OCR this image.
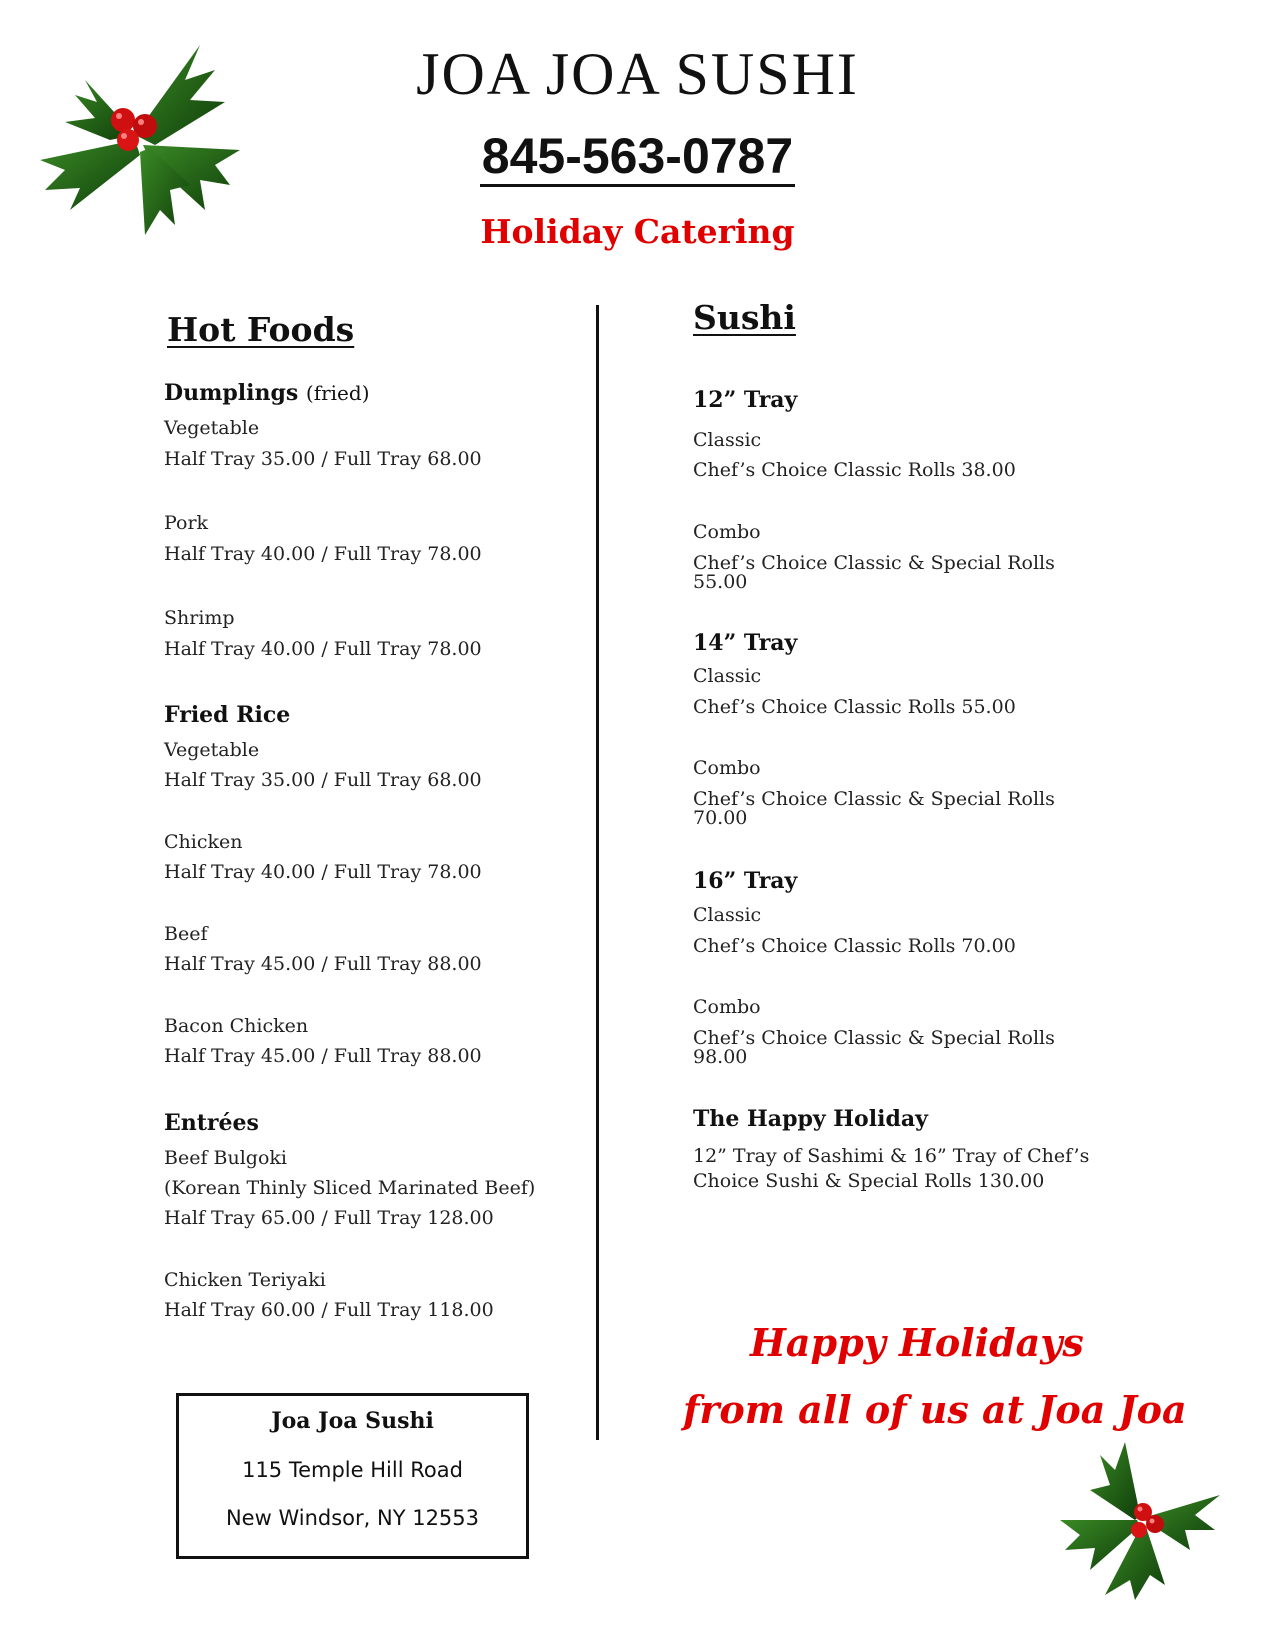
JOA JOA SUSHI
845-563-0787
Holiday Catering
Hot Foods
Dumplings (fried)
Vegetable
Half Tray 35.00 / Full Tray 68.00
Pork
Half Tray 40.00 / Full Tray 78.00
Shrimp
Half Tray 40.00 / Full Tray 78.00
Fried Rice
Vegetable
Half Tray 35.00 / Full Tray 68.00
Chicken
Half Tray 40.00 / Full Tray 78.00
Beef
Half Tray 45.00 / Full Tray 88.00
Bacon Chicken
Half Tray 45.00 / Full Tray 88.00
Entrées
Beef Bulgoki
(Korean Thinly Sliced Marinated Beef)
Half Tray 65.00 / Full Tray 128.00
Chicken Teriyaki
Half Tray 60.00 / Full Tray 118.00
Joa Joa Sushi
115 Temple Hill Road
New Windsor, NY 12553
Sushi
12” Tray
Classic
Chef’s Choice Classic Rolls 38.00
Combo
Chef’s Choice Classic & Special Rolls
55.00
14” Tray
Classic
Chef’s Choice Classic Rolls 55.00
Combo
Chef’s Choice Classic & Special Rolls
70.00
16” Tray
Classic
Chef’s Choice Classic Rolls 70.00
Combo
Chef’s Choice Classic & Special Rolls
98.00
The Happy Holiday
12” Tray of Sashimi & 16” Tray of Chef’s
Choice Sushi & Special Rolls 130.00
Happy Holidays
from all of us at Joa Joa
